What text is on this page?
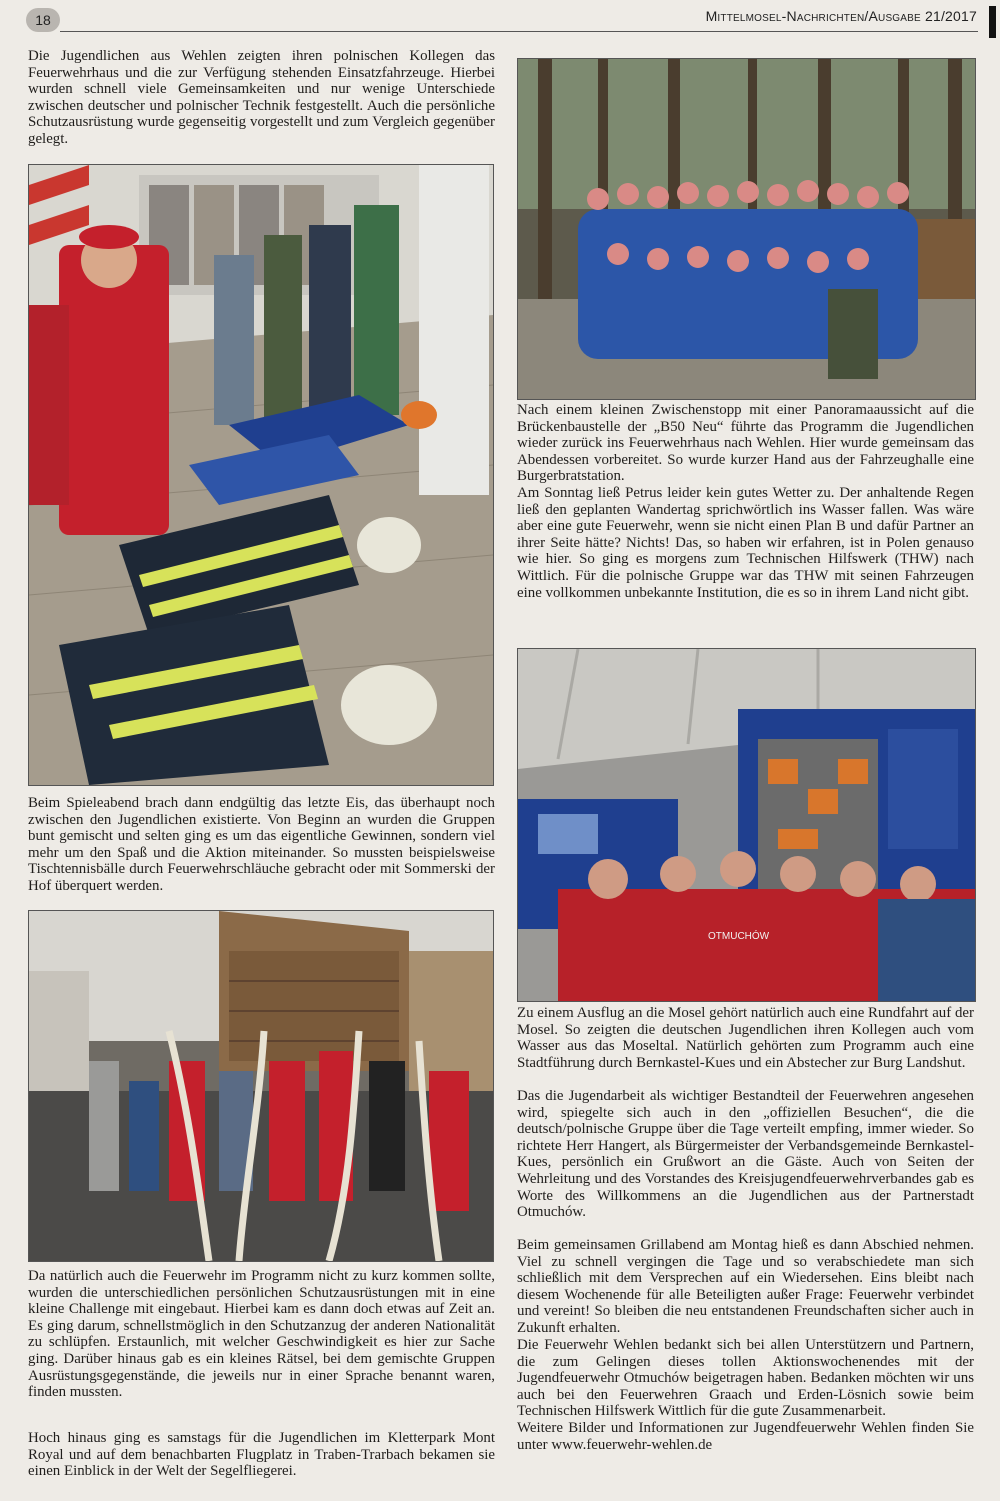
18	Mittelmosel-Nachrichten/Ausgabe 21/2017

Die Jugendlichen aus Wehlen zeigten ihren polnischen Kollegen das Feuerwehrhaus und die zur Verfügung stehenden Einsatzfahrzeuge. Hierbei wurden schnell viele Gemeinsamkeiten und nur wenige Unterschiede zwischen deutscher und polnischer Technik festgestellt. Auch die persönliche Schutzausrüstung wurde gegenseitig vorgestellt und zum Vergleich gegenüber gelegt.

Beim Spieleabend brach dann endgültig das letzte Eis, das überhaupt noch zwischen den Jugendlichen existierte. Von Beginn an wurden die Gruppen bunt gemischt und selten ging es um das eigentliche Gewinnen, sondern viel mehr um den Spaß und die Aktion miteinander. So mussten beispielsweise Tischtennisbälle durch Feuerwehrschläuche gebracht oder mit Sommerski der Hof überquert werden.

Da natürlich auch die Feuerwehr im Programm nicht zu kurz kommen sollte, wurden die unterschiedlichen persönlichen Schutzausrüstungen mit in eine kleine Challenge mit eingebaut. Hierbei kam es dann doch etwas auf Zeit an. Es ging darum, schnellstmöglich in den Schutzanzug der anderen Nationalität zu schlüpfen. Erstaunlich, mit welcher Geschwindigkeit es hier zur Sache ging. Darüber hinaus gab es ein kleines Rätsel, bei dem gemischte Gruppen Ausrüstungsgegenstände, die jeweils nur in einer Sprache benannt waren, finden mussten.

Hoch hinaus ging es samstags für die Jugendlichen im Kletterpark Mont Royal und auf dem benachbarten Flugplatz in Traben-Trarbach bekamen sie einen Einblick in der Welt der Segelfliegerei.

Nach einem kleinen Zwischenstopp mit einer Panoramaaussicht auf die Brückenbaustelle der „B50 Neu“ führte das Programm die Jugendlichen wieder zurück ins Feuerwehrhaus nach Wehlen. Hier wurde gemeinsam das Abendessen vorbereitet. So wurde kurzer Hand aus der Fahrzeughalle eine Burgerbratstation.

Am Sonntag ließ Petrus leider kein gutes Wetter zu. Der anhaltende Regen ließ den geplanten Wandertag sprichwörtlich ins Wasser fallen. Was wäre aber eine gute Feuerwehr, wenn sie nicht einen Plan B und dafür Partner an ihrer Seite hätte? Nichts! Das, so haben wir erfahren, ist in Polen genauso wie hier. So ging es morgens zum Technischen Hilfswerk (THW) nach Wittlich. Für die polnische Gruppe war das THW mit seinen Fahrzeugen eine vollkommen unbekannte Institution, die es so in ihrem Land nicht gibt.

OTMUCHÓW

Zu einem Ausflug an die Mosel gehört natürlich auch eine Rundfahrt auf der Mosel. So zeigten die deutschen Jugendlichen ihren Kollegen auch vom Wasser aus das Moseltal. Natürlich gehörten zum Programm auch eine Stadtführung durch Bernkastel-Kues und ein Abstecher zur Burg Landshut.

Das die Jugendarbeit als wichtiger Bestandteil der Feuerwehren angesehen wird, spiegelte sich auch in den „offiziellen Besuchen“, die die deutsch/polnische Gruppe über die Tage verteilt empfing, immer wieder. So richtete Herr Hangert, als Bürgermeister der Verbandsgemeinde Bernkastel-Kues, persönlich ein Grußwort an die Gäste. Auch von Seiten der Wehrleitung und des Vorstandes des Kreisjugendfeuerwehrverbandes gab es Worte des Willkommens an die Jugendlichen aus der Partnerstadt Otmuchów.

Beim gemeinsamen Grillabend am Montag hieß es dann Abschied nehmen. Viel zu schnell vergingen die Tage und so verabschiedete man sich schließlich mit dem Versprechen auf ein Wiedersehen. Eins bleibt nach diesem Wochenende für alle Beteiligten außer Frage: Feuerwehr verbindet und vereint! So bleiben die neu entstandenen Freundschaften sicher auch in Zukunft erhalten.

Die Feuerwehr Wehlen bedankt sich bei allen Unterstützern und Partnern, die zum Gelingen dieses tollen Aktionswochenendes mit der Jugendfeuerwehr Otmuchów beigetragen haben. Bedanken möchten wir uns auch bei den Feuerwehren Graach und Erden-Lösnich sowie beim Technischen Hilfswerk Wittlich für die gute Zusammenarbeit.

Weitere Bilder und Informationen zur Jugendfeuerwehr Wehlen finden Sie unter www.feuerwehr-wehlen.de
